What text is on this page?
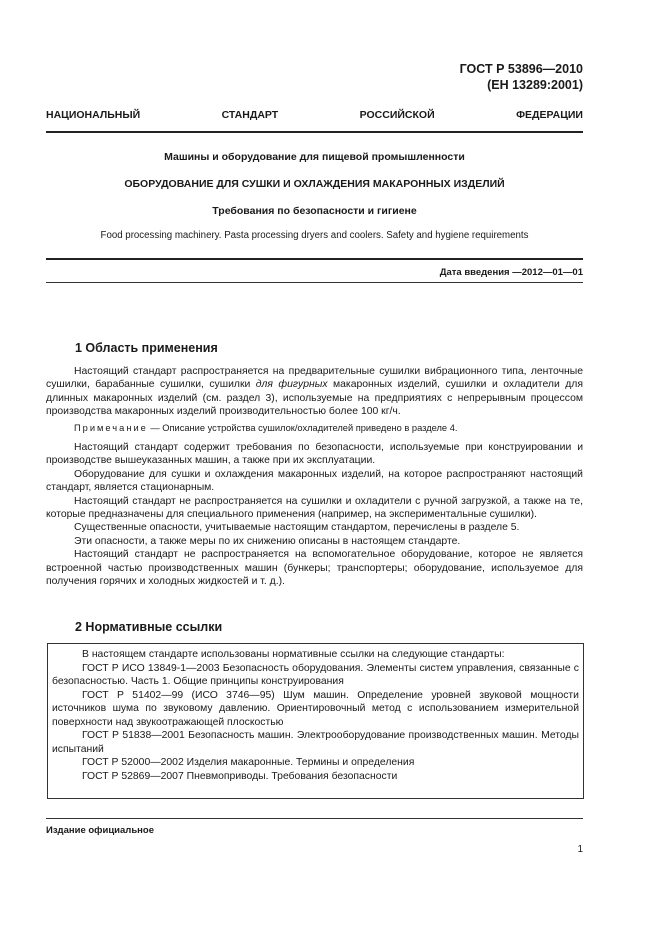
ГОСТ Р 53896—2010
(ЕН 13289:2001)
НАЦИОНАЛЬНЫЙ	СТАНДАРТ	РОССИЙСКОЙ	ФЕДЕРАЦИИ
Машины и оборудование для пищевой промышленности
ОБОРУДОВАНИЕ ДЛЯ СУШКИ И ОХЛАЖДЕНИЯ МАКАРОННЫХ ИЗДЕЛИЙ
Требования по безопасности и гигиене
Food processing machinery. Pasta processing dryers and coolers. Safety and hygiene requirements
Дата введения —2012—01—01
1 Область применения

Настоящий стандарт распространяется на предварительные сушилки вибрационного типа, ленточные сушилки, барабанные сушилки, сушилки для фигурных макаронных изделий, сушилки и охладители для длинных макаронных изделий (см. раздел 3), используемые на предприятиях с непрерывным процессом производства макаронных изделий производительностью более 100 кг/ч.

Примечание — Описание устройства сушилок/охладителей приведено в разделе 4.

Настоящий стандарт содержит требования по безопасности, используемые при конструировании и производстве вышеуказанных машин, а также при их эксплуатации.

Оборудование для сушки и охлаждения макаронных изделий, на которое распространяют настоящий стандарт, является стационарным.

Настоящий стандарт не распространяется на сушилки и охладители с ручной загрузкой, а также на те, которые предназначены для специального применения (например, на экспериментальные сушилки).

Существенные опасности, учитываемые настоящим стандартом, перечислены в разделе 5.

Эти опасности, а также меры по их снижению описаны в настоящем стандарте.

Настоящий стандарт не распространяется на вспомогательное оборудование, которое не является встроенной частью производственных машин (бункеры; транспортеры; оборудование, используемое для получения горячих и холодных жидкостей и т. д.).

2 Нормативные ссылки

В настоящем стандарте использованы нормативные ссылки на следующие стандарты:

ГОСТ Р ИСО 13849-1—2003 Безопасность оборудования. Элементы систем управления, связанные с безопасностью. Часть 1. Общие принципы конструирования

ГОСТ Р 51402—99 (ИСО 3746—95) Шум машин. Определение уровней звуковой мощности источников шума по звуковому давлению. Ориентировочный метод с использованием измерительной поверхности над звукоотражающей плоскостью

ГОСТ Р 51838—2001 Безопасность машин. Электрооборудование производственных машин. Методы испытаний

ГОСТ Р 52000—2002 Изделия макаронные. Термины и определения

ГОСТ Р 52869—2007 Пневмоприводы. Требования безопасности

Издание официальное
1
